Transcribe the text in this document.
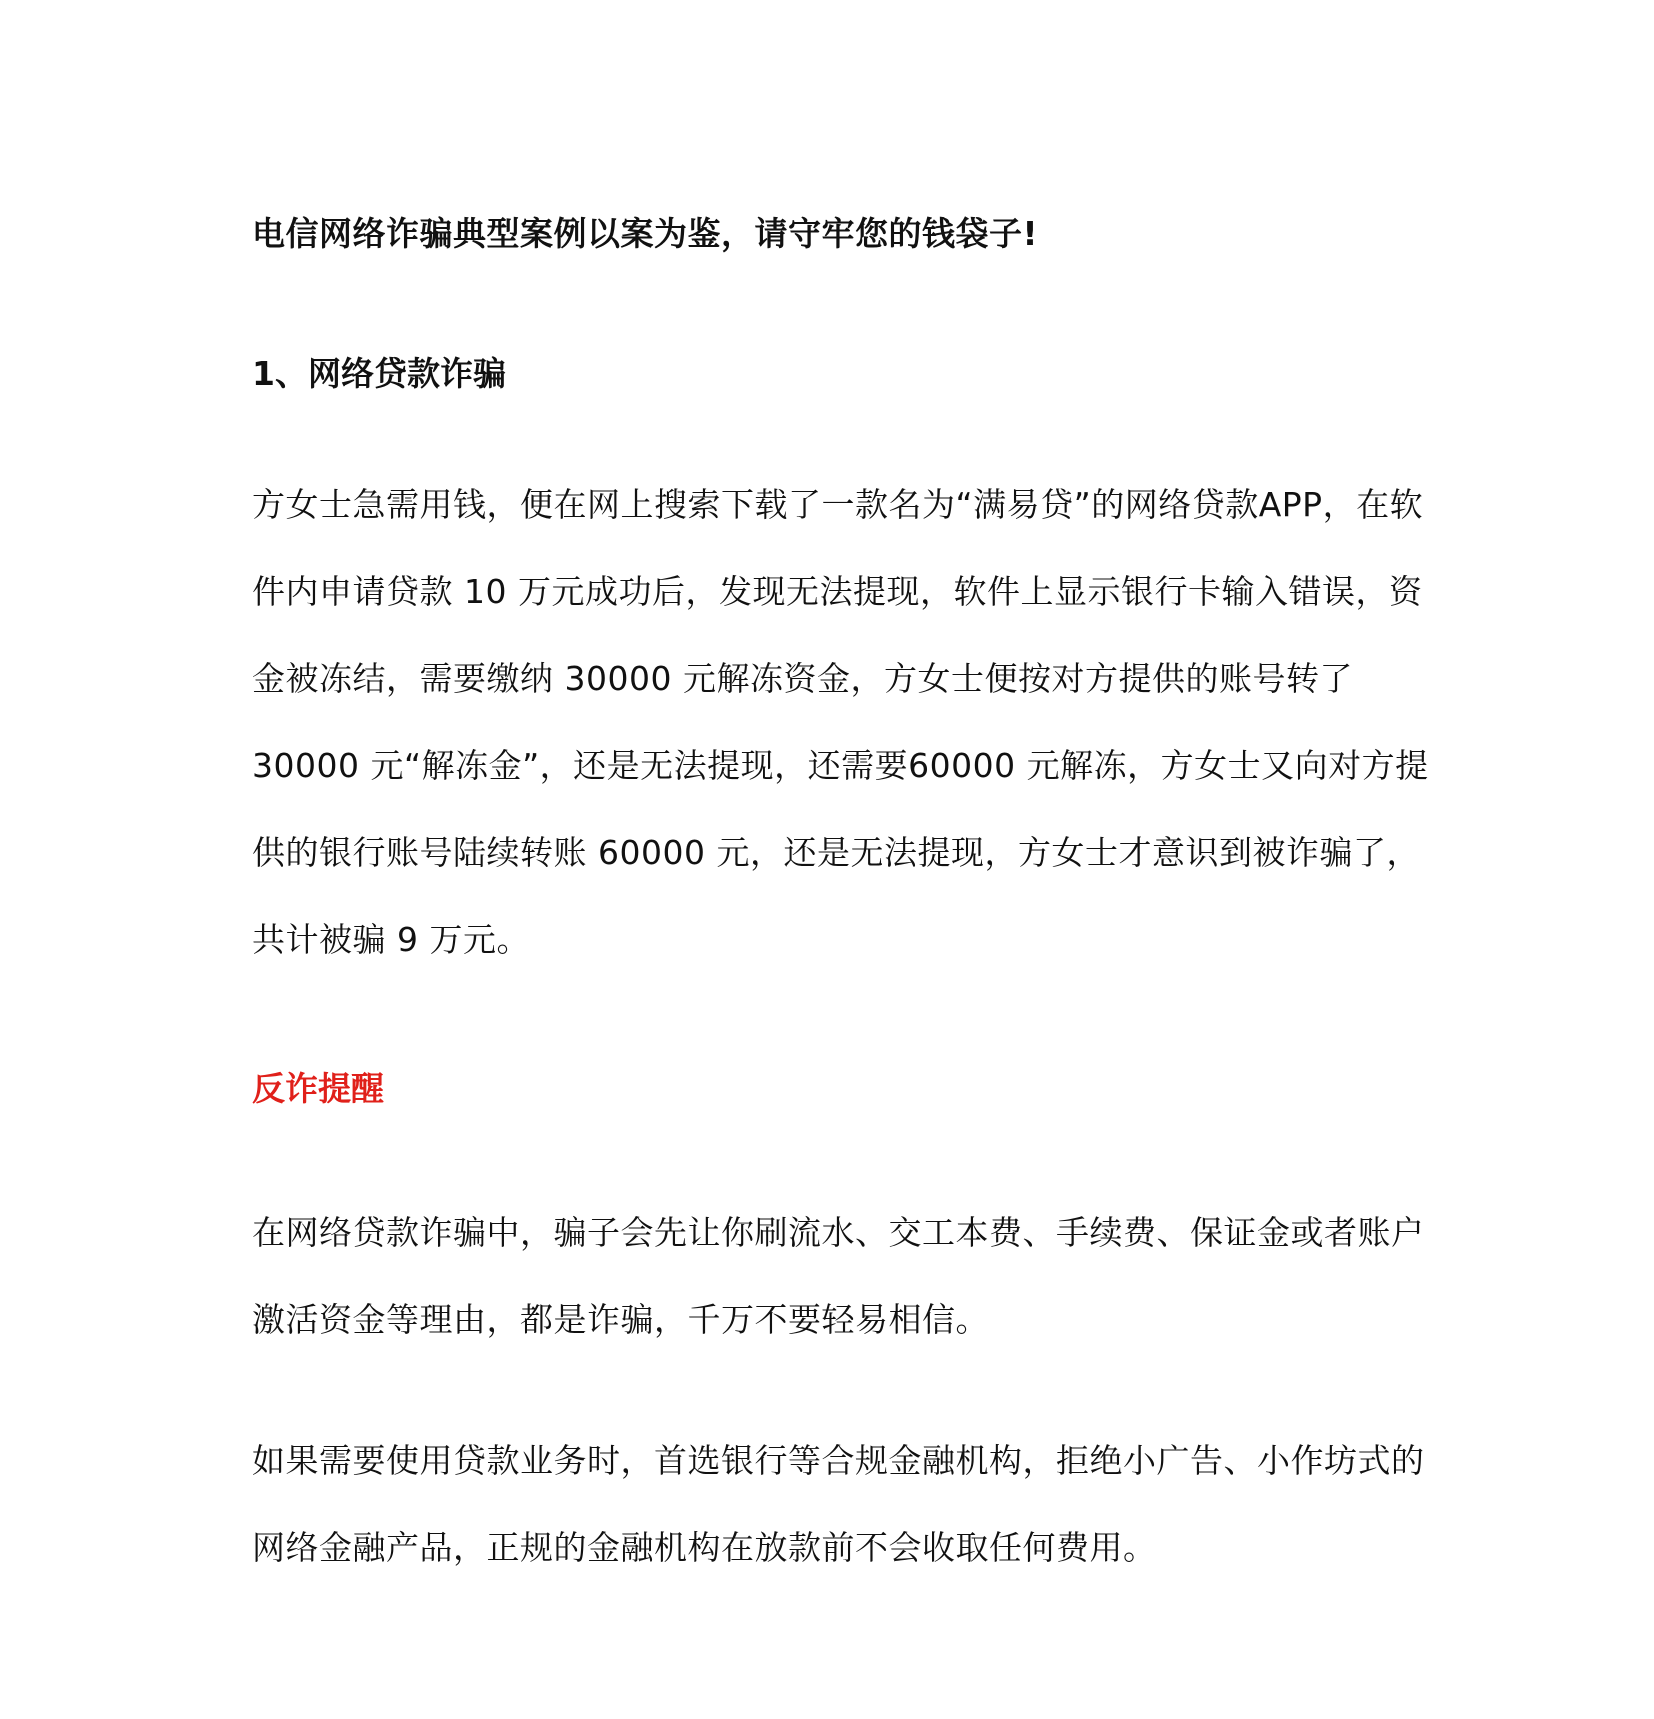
电信网络诈骗典型案例以案为鉴，请守牢您的钱袋子!
1、网络贷款诈骗

方女士急需用钱，便在网上搜索下载了一款名为“满易贷”的网络贷款APP，在软件内申请贷款 10 万元成功后，发现无法提现，软件上显示银行卡输入错误，资金被冻结，需要缴纳 30000 元解冻资金，方女士便按对方提供的账号转了 30000 元“解冻金”，还是无法提现，还需要60000 元解冻，方女士又向对方提供的银行账号陆续转账 60000 元，还是无法提现，方女士才意识到被诈骗了，共计被骗 9 万元。

反诈提醒

在网络贷款诈骗中，骗子会先让你刷流水、交工本费、手续费、保证金或者账户激活资金等理由，都是诈骗，千万不要轻易相信。

如果需要使用贷款业务时，首选银行等合规金融机构，拒绝小广告、小作坊式的网络金融产品，正规的金融机构在放款前不会收取任何费用。
